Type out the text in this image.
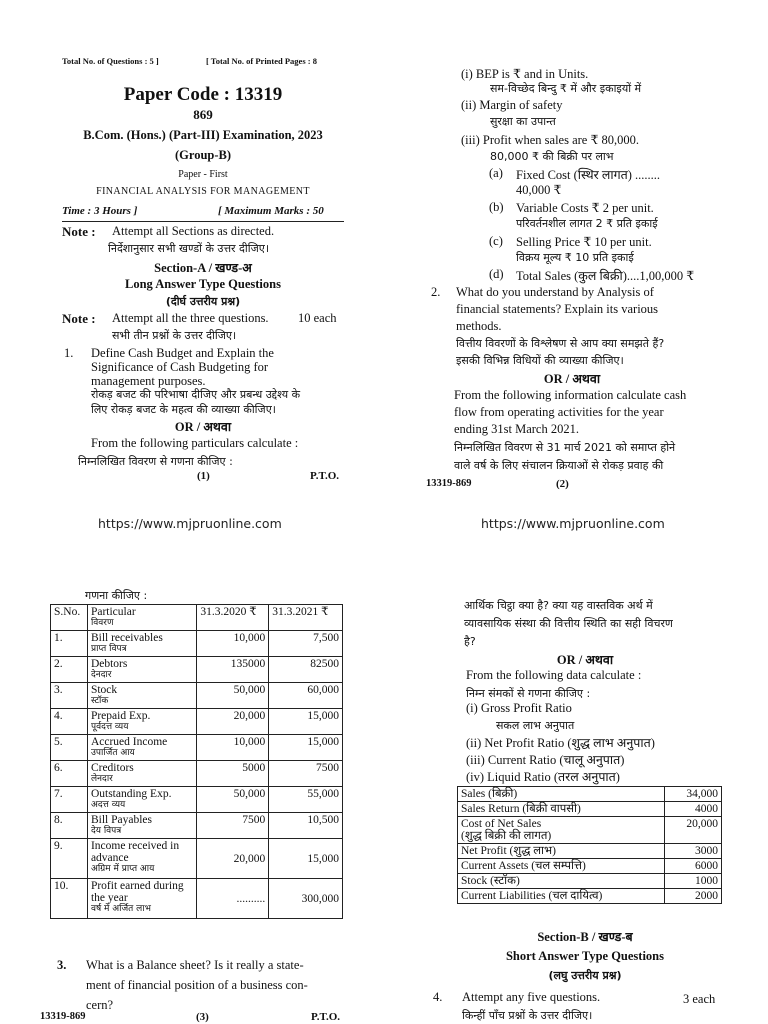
Total No. of Questions : 5 ]	[ Total No. of Printed Pages : 8
Paper Code : 13319
869
B.Com. (Hons.) (Part-III) Examination, 2023
(Group-B)
Paper - First
FINANCIAL ANALYSIS FOR MANAGEMENT
Time : 3 Hours ]	[ Maximum Marks : 50
Note : Attempt all Sections as directed.
निर्देशानुसार सभी खण्डों के उत्तर दीजिए।
Section-A / खण्ड-अ
Long Answer Type Questions
(दीर्घ उत्तरीय प्रश्न)
Note : Attempt all the three questions. 10 each
सभी तीन प्रश्नों के उत्तर दीजिए।
1. Define Cash Budget and Explain the
Significance of Cash Budgeting for
management purposes.
रोकड़ बजट की परिभाषा दीजिए और प्रबन्ध उद्देश्य के
लिए रोकड़ बजट के महत्व की व्याख्या कीजिए।
OR / अथवा
From the following particulars calculate :
निम्नलिखित विवरण से गणना कीजिए :
(1)	P.T.O.
https://www.mjpruonline.com
(i) BEP is ₹ and in Units.
सम-विच्छेद बिन्दु ₹ में और इकाइयों में
(ii) Margin of safety
सुरक्षा का उपान्त
(iii) Profit when sales are ₹ 80,000.
80,000 ₹ की बिक्री पर लाभ
(a) Fixed Cost (स्थिर लागत) ........
40,000 ₹
(b) Variable Costs ₹ 2 per unit.
परिवर्तनशील लागत 2 ₹ प्रति इकाई
(c) Selling Price ₹ 10 per unit.
विक्रय मूल्य ₹ 10 प्रति इकाई
(d) Total Sales (कुल बिक्री)....1,00,000 ₹
2. What do you understand by Analysis of
financial statements? Explain its various
methods.
वित्तीय विवरणों के विश्लेषण से आप क्या समझते हैं?
इसकी विभिन्न विधियों की व्याख्या कीजिए।
OR / अथवा
From the following information calculate cash
flow from operating activities for the year
ending 31st March 2021.
निम्नलिखित विवरण से 31 मार्च 2021 को समाप्त होने
वाले वर्ष के लिए संचालन क्रियाओं से रोकड़ प्रवाह की
13319-869	(2)
https://www.mjpruonline.com
गणना कीजिए :
S.No.	Particular
विवरण	31.3.2020 ₹	31.3.2021 ₹
1.	Bill receivables
प्राप्त विपत्र	10,000	7,500
2.	Debtors
देनदार	135000	82500
3.	Stock
स्टॉक	50,000	60,000
4.	Prepaid Exp.
पूर्वदत्त व्यय	20,000	15,000
5.	Accrued Income
उपार्जित आय	10,000	15,000
6.	Creditors
लेनदार	5000	7500
7.	Outstanding Exp.
अदत्त व्यय	50,000	55,000
8.	Bill Payables
देय विपत्र	7500	10,500
9.	Income received in advance
अग्रिम में प्राप्त आय	20,000	15,000
10.	Profit earned during the year
वर्ष में अर्जित लाभ	..........	300,000
3. What is a Balance sheet? Is it really a state-
ment of financial position of a business con-
cern?
13319-869	(3)	P.T.O.
आर्थिक चिट्ठा क्या है? क्या यह वास्तविक अर्थ में
व्यावसायिक संस्था की वित्तीय स्थिति का सही विचरण
है?
OR / अथवा
From the following data calculate :
निम्न संमकों से गणना कीजिए :
(i) Gross Profit Ratio
सकल लाभ अनुपात
(ii) Net Profit Ratio (शुद्ध लाभ अनुपात)
(iii) Current Ratio (चालू अनुपात)
(iv) Liquid Ratio (तरल अनुपात)
Sales (बिक्री)	34,000
Sales Return (बिक्री वापसी)	4000
Cost of Net Sales
(शुद्ध बिक्री की लागत)	20,000
Net Profit (शुद्ध लाभ)	3000
Current Assets (चल सम्पत्ति)	6000
Stock (स्टॉक)	1000
Current Liabilities (चल दायित्व)	2000
Section-B / खण्ड-ब
Short Answer Type Questions
(लघु उत्तरीय प्रश्न)
4. Attempt any five questions.	3 each
किन्हीं पाँच प्रश्नों के उत्तर दीजिए।
